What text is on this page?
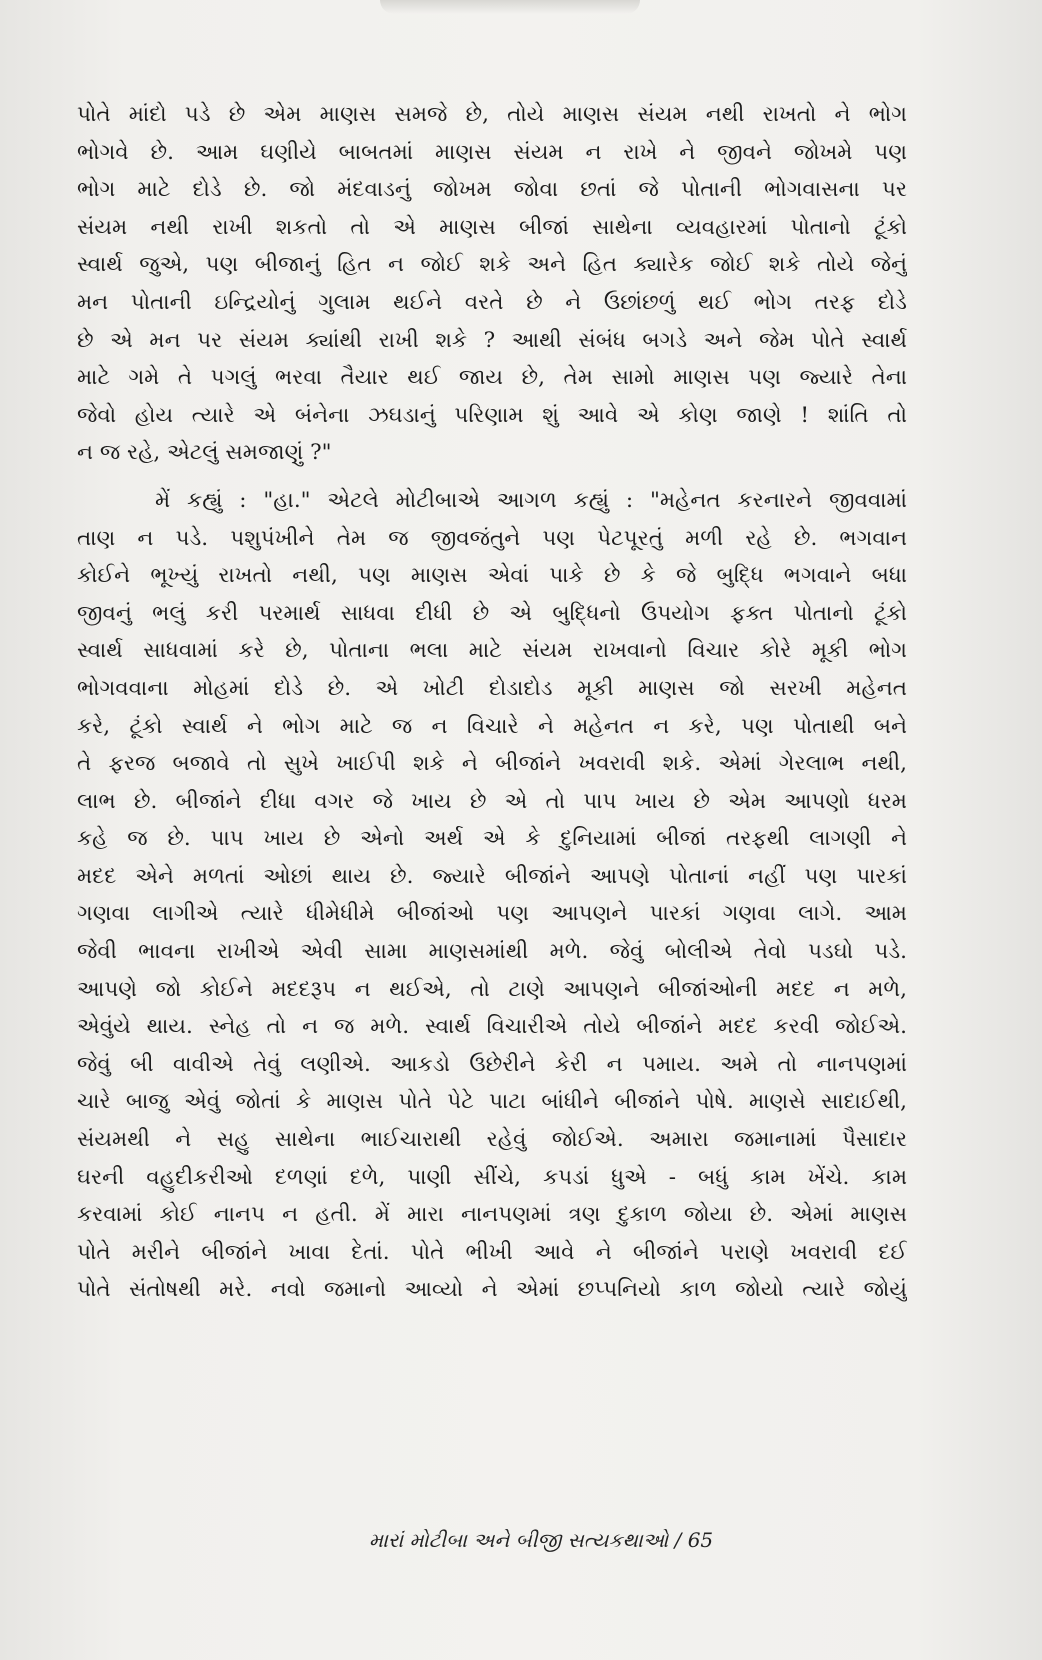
પોતે માંદો પડે છે એમ માણસ સમજે છે, તોયે માણસ સંયમ નથી રાખતો ને ભોગ
ભોગવે છે. આમ ઘણીયે બાબતમાં માણસ સંયમ ન રાખે ને જીવને જોખમે પણ
ભોગ માટે દોડે છે. જો મંદવાડનું જોખમ જોવા છતાં જે પોતાની ભોગવાસના પર
સંયમ નથી રાખી શકતો તો એ માણસ બીજાં સાથેના વ્યવહારમાં પોતાનો ટૂંકો
સ્વાર્થ જુએ, પણ બીજાનું હિત ન જોઈ શકે અને હિત ક્યારેક જોઈ શકે તોયે જેનું
મન પોતાની ઇન્દ્રિયોનું ગુલામ થઈને વરતે છે ને ઉછાંછળું થઈ ભોગ તરફ દોડે
છે એ મન પર સંયમ ક્યાંથી રાખી શકે ? આથી સંબંધ બગડે અને જેમ પોતે સ્વાર્થ
માટે ગમે તે પગલું ભરવા તૈયાર થઈ જાય છે, તેમ સામો માણસ પણ જ્યારે તેના
જેવો હોય ત્યારે એ બંનેના ઝઘડાનું પરિણામ શું આવે એ કોણ જાણે ! શાંતિ તો
ન જ રહે, એટલું સમજાણું ?"
મેં કહ્યું : "હા." એટલે મોટીબાએ આગળ કહ્યું : "મહેનત કરનારને જીવવામાં
તાણ ન પડે. પશુપંખીને તેમ જ જીવજંતુને પણ પેટપૂરતું મળી રહે છે. ભગવાન
કોઈને ભૂખ્યું રાખતો નથી, પણ માણસ એવાં પાકે છે કે જે બુદ્ધિ ભગવાને બધા
જીવનું ભલું કરી પરમાર્થ સાધવા દીધી છે એ બુદ્ધિનો ઉપયોગ ફક્ત પોતાનો ટૂંકો
સ્વાર્થ સાધવામાં કરે છે, પોતાના ભલા માટે સંયમ રાખવાનો વિચાર કોરે મૂકી ભોગ
ભોગવવાના મોહમાં દોડે છે. એ ખોટી દોડાદોડ મૂકી માણસ જો સરખી મહેનત
કરે, ટૂંકો સ્વાર્થ ને ભોગ માટે જ ન વિચારે ને મહેનત ન કરે, પણ પોતાથી બને
તે ફરજ બજાવે તો સુખે ખાઈપી શકે ને બીજાંને ખવરાવી શકે. એમાં ગેરલાભ નથી,
લાભ છે. બીજાંને દીધા વગર જે ખાય છે એ તો પાપ ખાય છે એમ આપણો ધરમ
કહે જ છે. પાપ ખાય છે એનો અર્થ એ કે દુનિયામાં બીજાં તરફથી લાગણી ને
મદદ એને મળતાં ઓછાં થાય છે. જ્યારે બીજાંને આપણે પોતાનાં નહીં પણ પારકાં
ગણવા લાગીએ ત્યારે ધીમેધીમે બીજાંઓ પણ આપણને પારકાં ગણવા લાગે. આમ
જેવી ભાવના રાખીએ એવી સામા માણસમાંથી મળે. જેવું બોલીએ તેવો પડઘો પડે.
આપણે જો કોઈને મદદરૂપ ન થઈએ, તો ટાણે આપણને બીજાંઓની મદદ ન મળે,
એવુંયે થાય. સ્નેહ તો ન જ મળે. સ્વાર્થ વિચારીએ તોયે બીજાંને મદદ કરવી જોઈએ.
જેવું બી વાવીએ તેવું લણીએ. આકડો ઉછેરીને કેરી ન પમાય. અમે તો નાનપણમાં
ચારે બાજુ એવું જોતાં કે માણસ પોતે પેટે પાટા બાંધીને બીજાંને પોષે. માણસે સાદાઈથી,
સંયમથી ને સહુ સાથેના ભાઈચારાથી રહેવું જોઈએ. અમારા જમાનામાં પૈસાદાર
ઘરની વહુદીકરીઓ દળણાં દળે, પાણી સીંચે, કપડાં ધુએ - બધું કામ ખેંચે. કામ
કરવામાં કોઈ નાનપ ન હતી. મેં મારા નાનપણમાં ત્રણ દુકાળ જોયા છે. એમાં માણસ
પોતે મરીને બીજાંને ખાવા દેતાં. પોતે ભીખી આવે ને બીજાંને પરાણે ખવરાવી દઈ
પોતે સંતોષથી મરે. નવો જમાનો આવ્યો ને એમાં છપ્પનિયો કાળ જોયો ત્યારે જોયું
મારાં મોટીબા અને બીજી સત્યકથાઓ / 65
